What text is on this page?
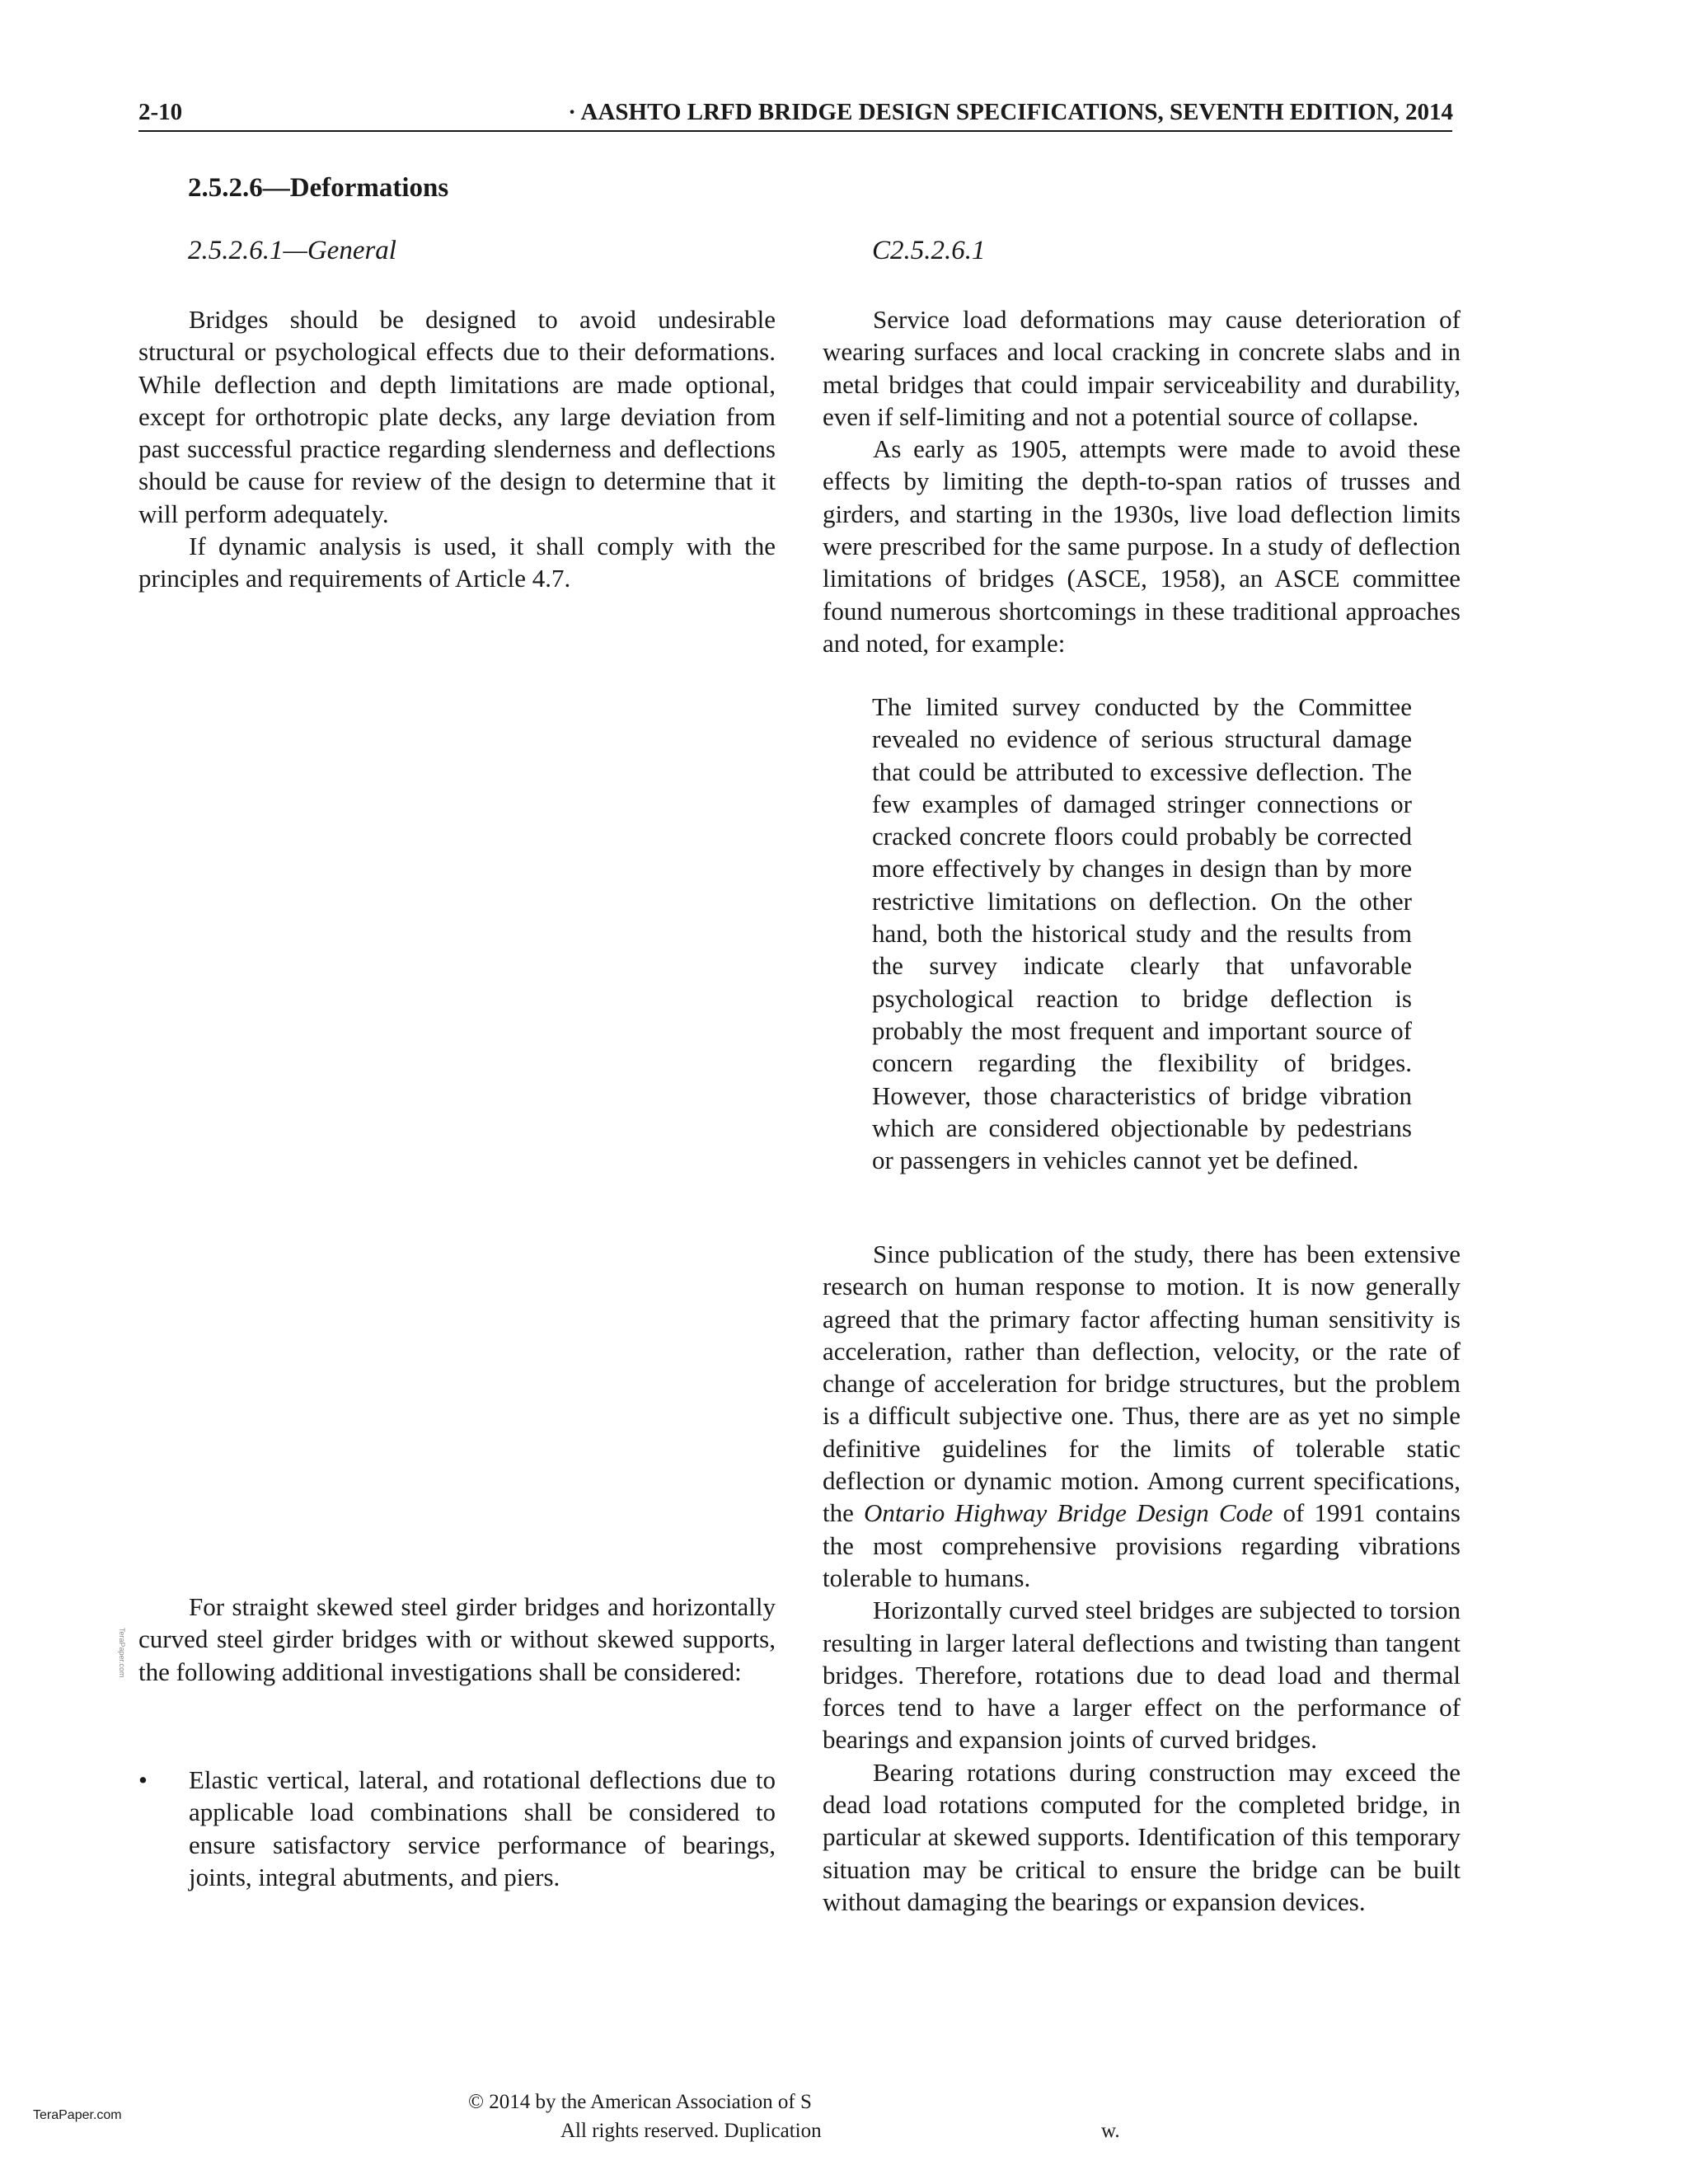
2-10	· AASHTO LRFD BRIDGE DESIGN SPECIFICATIONS, SEVENTH EDITION, 2014
2.5.2.6—Deformations
2.5.2.6.1—General	C2.5.2.6.1

Bridges should be designed to avoid undesirable structural or psychological effects due to their deformations. While deflection and depth limitations are made optional, except for orthotropic plate decks, any large deviation from past successful practice regarding slenderness and deflections should be cause for review of the design to determine that it will perform adequately.

If dynamic analysis is used, it shall comply with the principles and requirements of Article 4.7.

Service load deformations may cause deterioration of wearing surfaces and local cracking in concrete slabs and in metal bridges that could impair serviceability and durability, even if self-limiting and not a potential source of collapse.

As early as 1905, attempts were made to avoid these effects by limiting the depth-to-span ratios of trusses and girders, and starting in the 1930s, live load deflection limits were prescribed for the same purpose. In a study of deflection limitations of bridges (ASCE, 1958), an ASCE committee found numerous shortcomings in these traditional approaches and noted, for example:

The limited survey conducted by the Committee revealed no evidence of serious structural damage that could be attributed to excessive deflection. The few examples of damaged stringer connections or cracked concrete floors could probably be corrected more effectively by changes in design than by more restrictive limitations on deflection. On the other hand, both the historical study and the results from the survey indicate clearly that unfavorable psychological reaction to bridge deflection is probably the most frequent and important source of concern regarding the flexibility of bridges. However, those characteristics of bridge vibration which are considered objectionable by pedestrians or passengers in vehicles cannot yet be defined.

Since publication of the study, there has been extensive research on human response to motion. It is now generally agreed that the primary factor affecting human sensitivity is acceleration, rather than deflection, velocity, or the rate of change of acceleration for bridge structures, but the problem is a difficult subjective one. Thus, there are as yet no simple definitive guidelines for the limits of tolerable static deflection or dynamic motion. Among current specifications, the Ontario Highway Bridge Design Code of 1991 contains the most comprehensive provisions regarding vibrations tolerable to humans.

Horizontally curved steel bridges are subjected to torsion resulting in larger lateral deflections and twisting than tangent bridges. Therefore, rotations due to dead load and thermal forces tend to have a larger effect on the performance of bearings and expansion joints of curved bridges.

Bearing rotations during construction may exceed the dead load rotations computed for the completed bridge, in particular at skewed supports. Identification of this temporary situation may be critical to ensure the bridge can be built without damaging the bearings or expansion devices.

For straight skewed steel girder bridges and horizontally curved steel girder bridges with or without skewed supports, the following additional investigations shall be considered:

•	Elastic vertical, lateral, and rotational deflections due to applicable load combinations shall be considered to ensure satisfactory service performance of bearings, joints, integral abutments, and piers.
TeraPaper.com
TeraPaper.com
© 2014 by the American Association of S
All rights reserved. Duplication	w.
